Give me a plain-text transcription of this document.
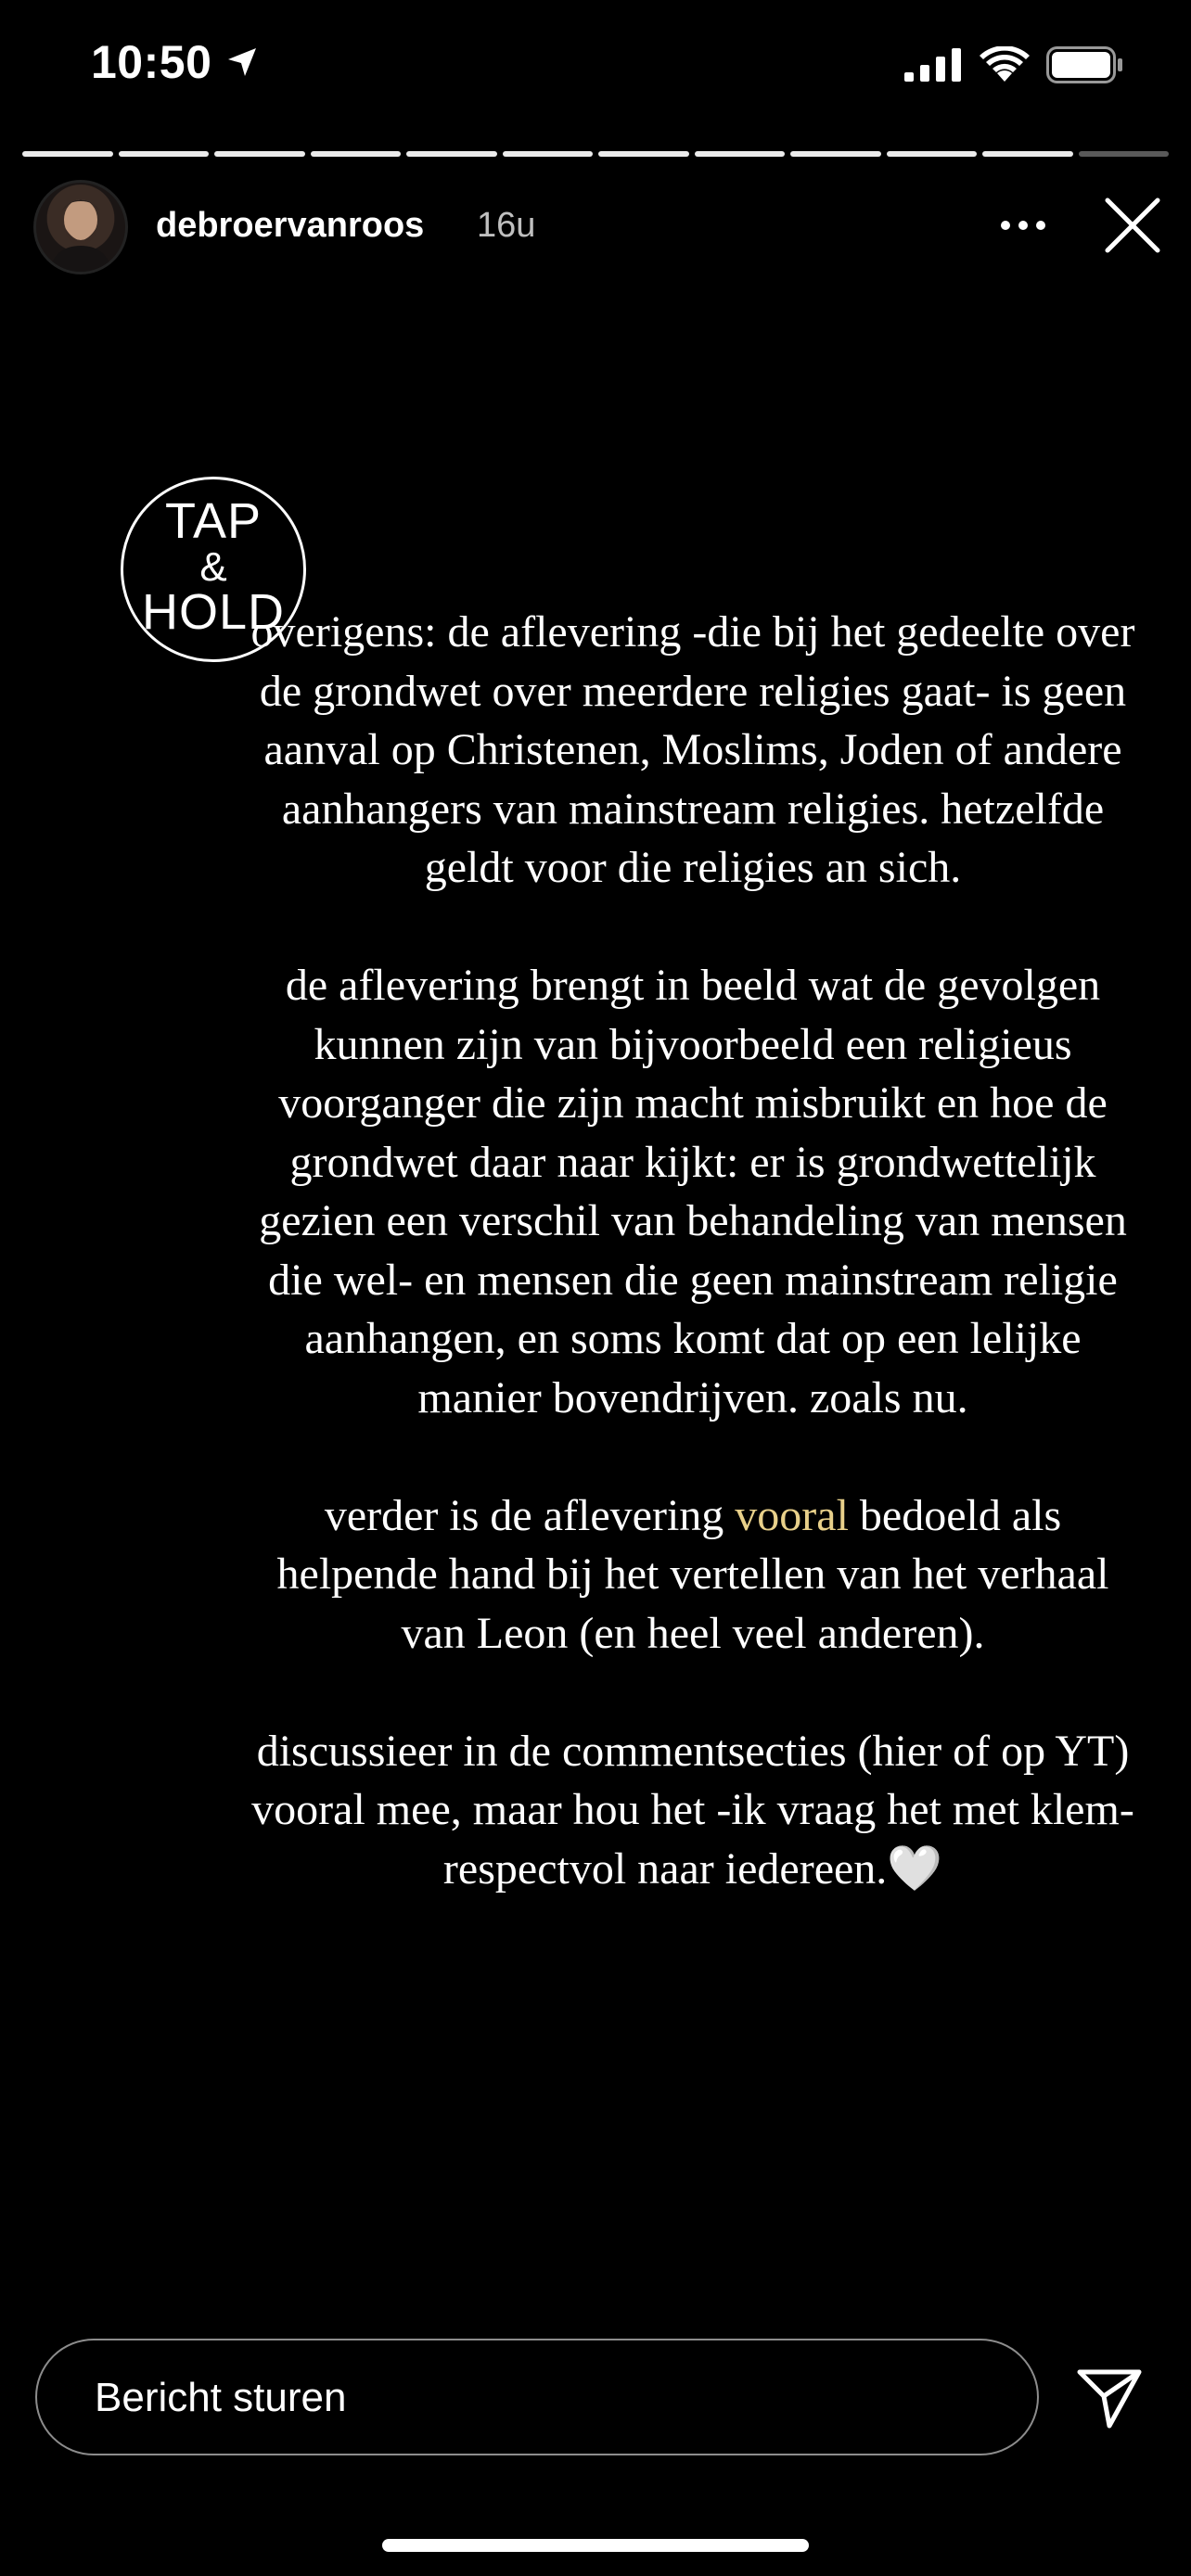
10:50
debroervanroos 16u
TAP
&
HOLD

overigens: de aflevering -die bij het gedeelte over de grondwet over meerdere religies gaat- is geen aanval op Christenen, Moslims, Joden of andere aanhangers van mainstream religies. hetzelfde geldt voor die religies an sich.

de aflevering brengt in beeld wat de gevolgen kunnen zijn van bijvoorbeeld een religieus voorganger die zijn macht misbruikt en hoe de grondwet daar naar kijkt: er is grondwettelijk gezien een verschil van behandeling van mensen die wel- en mensen die geen mainstream religie aanhangen, en soms komt dat op een lelijke manier bovendrijven. zoals nu.

verder is de aflevering vooral bedoeld als helpende hand bij het vertellen van het verhaal van Leon (en heel veel anderen).

discussieer in de commentsecties (hier of op YT) vooral mee, maar hou het -ik vraag het met klem- respectvol naar iedereen.🤍

Bericht sturen
